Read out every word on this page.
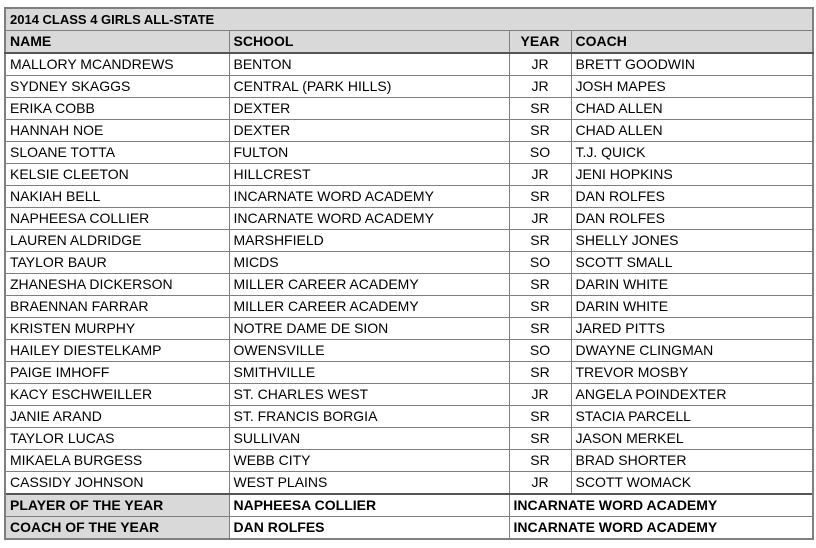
2014 CLASS 4 GIRLS ALL-STATE			
NAME	SCHOOL	YEAR	COACH
MALLORY MCANDREWS	BENTON	JR	BRETT GOODWIN
SYDNEY SKAGGS	CENTRAL (PARK HILLS)	JR	JOSH MAPES
ERIKA COBB	DEXTER	SR	CHAD ALLEN
HANNAH NOE	DEXTER	SR	CHAD ALLEN
SLOANE TOTTA	FULTON	SO	T.J. QUICK
KELSIE CLEETON	HILLCREST	JR	JENI HOPKINS
NAKIAH BELL	INCARNATE WORD ACADEMY	SR	DAN ROLFES
NAPHEESA COLLIER	INCARNATE WORD ACADEMY	JR	DAN ROLFES
LAUREN ALDRIDGE	MARSHFIELD	SR	SHELLY JONES
TAYLOR BAUR	MICDS	SO	SCOTT SMALL
ZHANESHA DICKERSON	MILLER CAREER ACADEMY	SR	DARIN WHITE
BRAENNAN FARRAR	MILLER CAREER ACADEMY	SR	DARIN WHITE
KRISTEN MURPHY	NOTRE DAME DE SION	SR	JARED PITTS
HAILEY DIESTELKAMP	OWENSVILLE	SO	DWAYNE CLINGMAN
PAIGE IMHOFF	SMITHVILLE	SR	TREVOR MOSBY
KACY ESCHWEILLER	ST. CHARLES WEST	JR	ANGELA POINDEXTER
JANIE ARAND	ST. FRANCIS BORGIA	SR	STACIA PARCELL
TAYLOR LUCAS	SULLIVAN	SR	JASON MERKEL
MIKAELA BURGESS	WEBB CITY	SR	BRAD SHORTER
CASSIDY JOHNSON	WEST PLAINS	JR	SCOTT WOMACK
PLAYER OF THE YEAR	NAPHEESA COLLIER	INCARNATE WORD ACADEMY	
COACH OF THE YEAR	DAN ROLFES	INCARNATE WORD ACADEMY	
